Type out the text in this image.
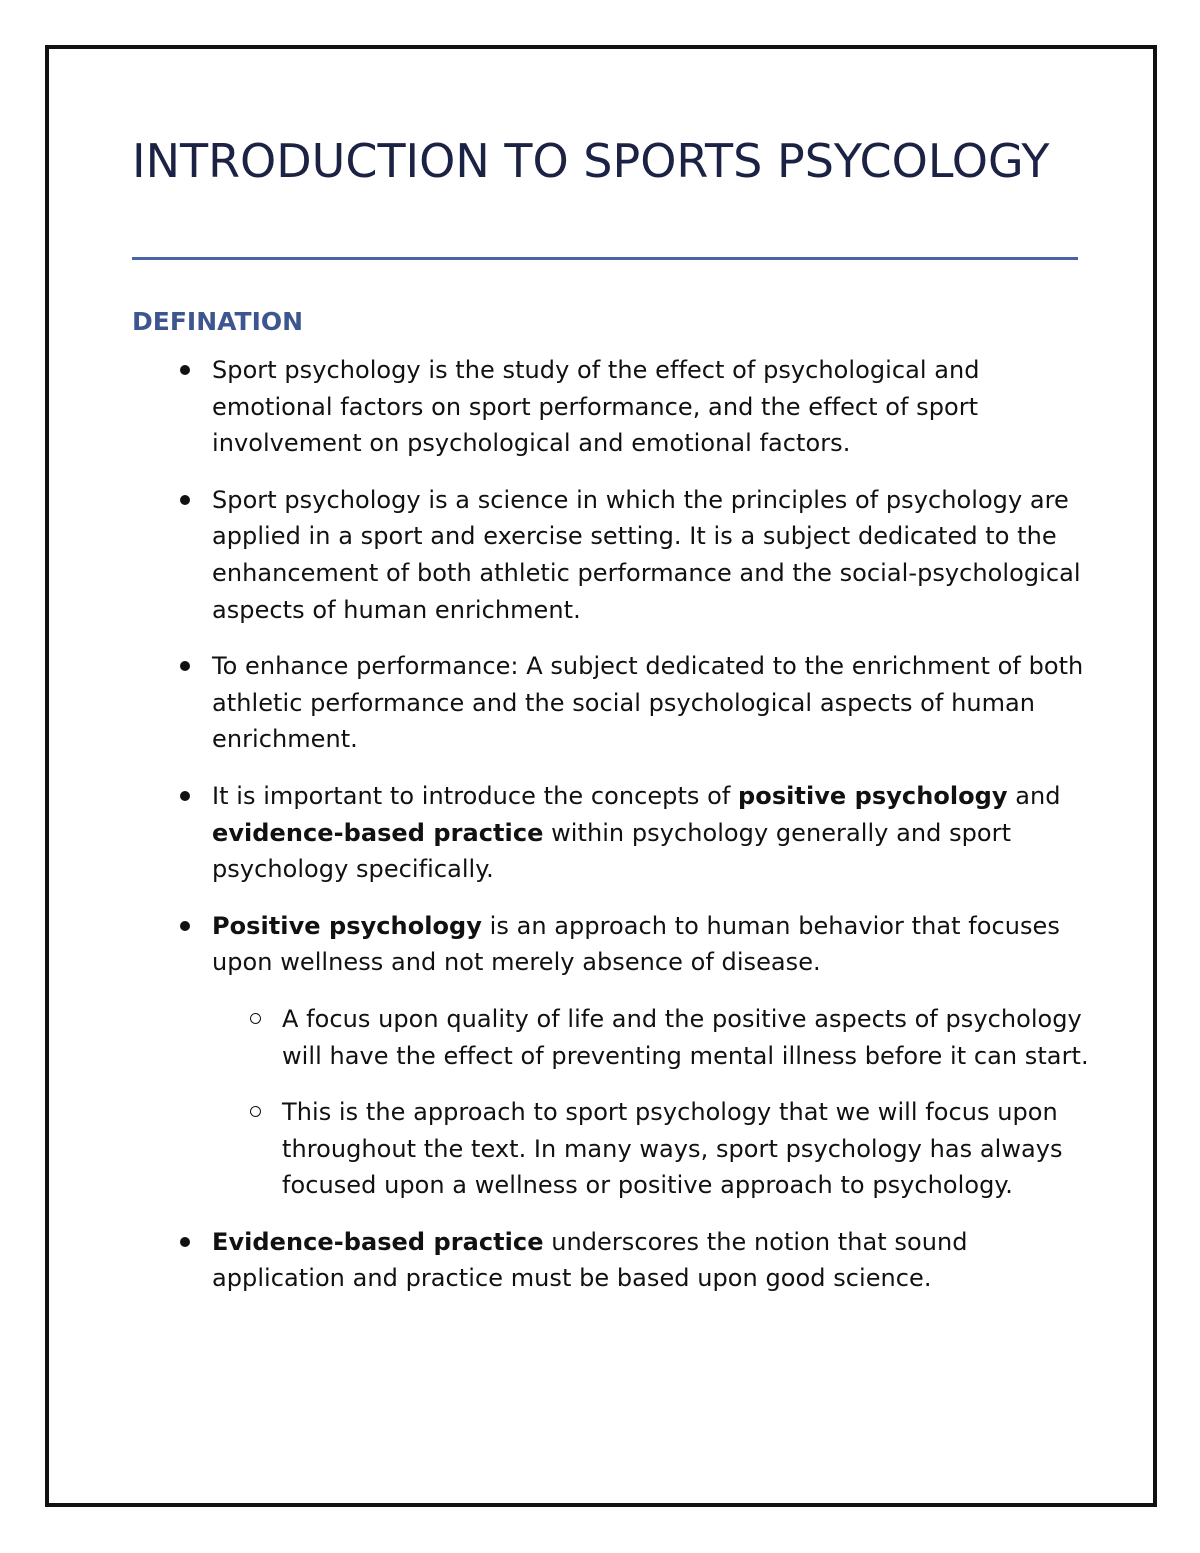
INTRODUCTION TO SPORTS PSYCOLOGY
DEFINATION
Sport psychology is the study of the effect of psychological and emotional factors on sport performance, and the effect of sport involvement on psychological and emotional factors.
Sport psychology is a science in which the principles of psychology are applied in a sport and exercise setting. It is a subject dedicated to the enhancement of both athletic performance and the social-psychological aspects of human enrichment.
To enhance performance: A subject dedicated to the enrichment of both athletic performance and the social psychological aspects of human enrichment.
It is important to introduce the concepts of positive psychology and evidence-based practice within psychology generally and sport psychology specifically.
Positive psychology is an approach to human behavior that focuses upon wellness and not merely absence of disease.
A focus upon quality of life and the positive aspects of psychology will have the effect of preventing mental illness before it can start.
This is the approach to sport psychology that we will focus upon throughout the text. In many ways, sport psychology has always focused upon a wellness or positive approach to psychology.
Evidence-based practice underscores the notion that sound application and practice must be based upon good science.
